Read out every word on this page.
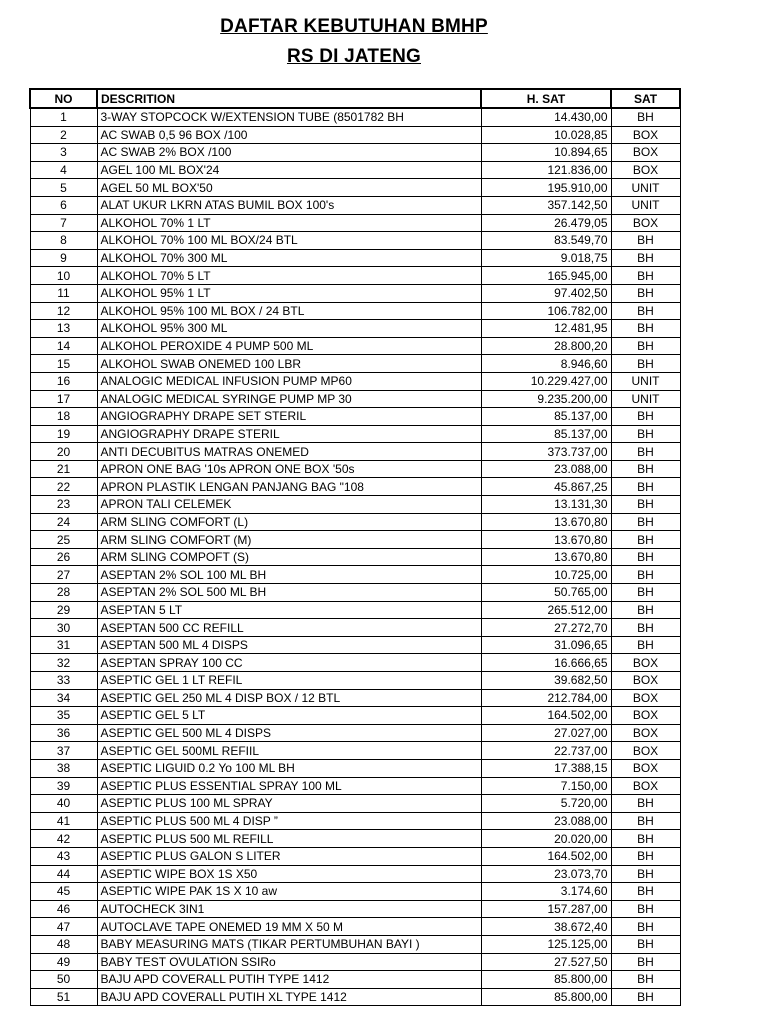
DAFTAR KEBUTUHAN BMHP
RS DI JATENG
NO	DESCRITION	H. SAT	SAT
1	3-WAY STOPCOCK W/EXTENSION TUBE (8501782 BH	14.430,00	BH
2	AC SWAB 0,5 96 BOX /100	10.028,85	BOX
3	AC SWAB 2% BOX /100	10.894,65	BOX
4	AGEL 100 ML BOX'24	121.836,00	BOX
5	AGEL 50 ML BOX'50	195.910,00	UNIT
6	ALAT UKUR LKRN ATAS BUMIL BOX 100's	357.142,50	UNIT
7	ALKOHOL 70% 1 LT	26.479,05	BOX
8	ALKOHOL 70% 100 ML BOX/24 BTL	83.549,70	BH
9	ALKOHOL 70% 300 ML	9.018,75	BH
10	ALKOHOL 70% 5 LT	165.945,00	BH
11	ALKOHOL 95% 1 LT	97.402,50	BH
12	ALKOHOL 95% 100 ML BOX / 24 BTL	106.782,00	BH
13	ALKOHOL 95% 300 ML	12.481,95	BH
14	ALKOHOL PEROXIDE 4 PUMP 500 ML	28.800,20	BH
15	ALKOHOL SWAB ONEMED 100 LBR	8.946,60	BH
16	ANALOGIC MEDICAL INFUSION PUMP MP60	10.229.427,00	UNIT
17	ANALOGIC MEDICAL SYRINGE PUMP MP 30	9.235.200,00	UNIT
18	ANGIOGRAPHY DRAPE SET STERIL	85.137,00	BH
19	ANGIOGRAPHY DRAPE STERIL	85.137,00	BH
20	ANTI DECUBITUS MATRAS ONEMED	373.737,00	BH
21	APRON ONE BAG '10s APRON ONE BOX '50s	23.088,00	BH
22	APRON PLASTIK LENGAN PANJANG BAG "108	45.867,25	BH
23	APRON TALI CELEMEK	13.131,30	BH
24	ARM SLING COMFORT (L)	13.670,80	BH
25	ARM SLING COMFORT (M)	13.670,80	BH
26	ARM SLING COMPOFT (S)	13.670,80	BH
27	ASEPTAN 2% SOL 100 ML BH	10.725,00	BH
28	ASEPTAN 2% SOL 500 ML BH	50.765,00	BH
29	ASEPTAN 5 LT	265.512,00	BH
30	ASEPTAN 500 CC REFILL	27.272,70	BH
31	ASEPTAN 500 ML 4 DISPS	31.096,65	BH
32	ASEPTAN SPRAY 100 CC	16.666,65	BOX
33	ASEPTIC GEL 1 LT REFIL	39.682,50	BOX
34	ASEPTIC GEL 250 ML 4 DISP BOX / 12 BTL	212.784,00	BOX
35	ASEPTIC GEL 5 LT	164.502,00	BOX
36	ASEPTIC GEL 500 ML 4 DISPS	27.027,00	BOX
37	ASEPTIC GEL 500ML REFIIL	22.737,00	BOX
38	ASEPTIC LIGUID 0.2 Yo 100 ML BH	17.388,15	BOX
39	ASEPTIC PLUS ESSENTIAL SPRAY 100 ML	7.150,00	BOX
40	ASEPTIC PLUS 100 ML SPRAY	5.720,00	BH
41	ASEPTIC PLUS 500 ML 4 DISP ”	23.088,00	BH
42	ASEPTIC PLUS 500 ML REFILL	20.020,00	BH
43	ASEPTIC PLUS GALON S LITER	164.502,00	BH
44	ASEPTIC WIPE BOX 1S X50	23.073,70	BH
45	ASEPTIC WIPE PAK 1S X 10 aw	3.174,60	BH
46	AUTOCHECK 3IN1	157.287,00	BH
47	AUTOCLAVE TAPE ONEMED 19 MM X 50 M	38.672,40	BH
48	BABY MEASURING MATS (TIKAR PERTUMBUHAN BAYI )	125.125,00	BH
49	BABY TEST OVULATION SSIRo	27.527,50	BH
50	BAJU APD COVERALL PUTIH TYPE 1412	85.800,00	BH
51	BAJU APD COVERALL PUTIH XL TYPE 1412	85.800,00	BH
